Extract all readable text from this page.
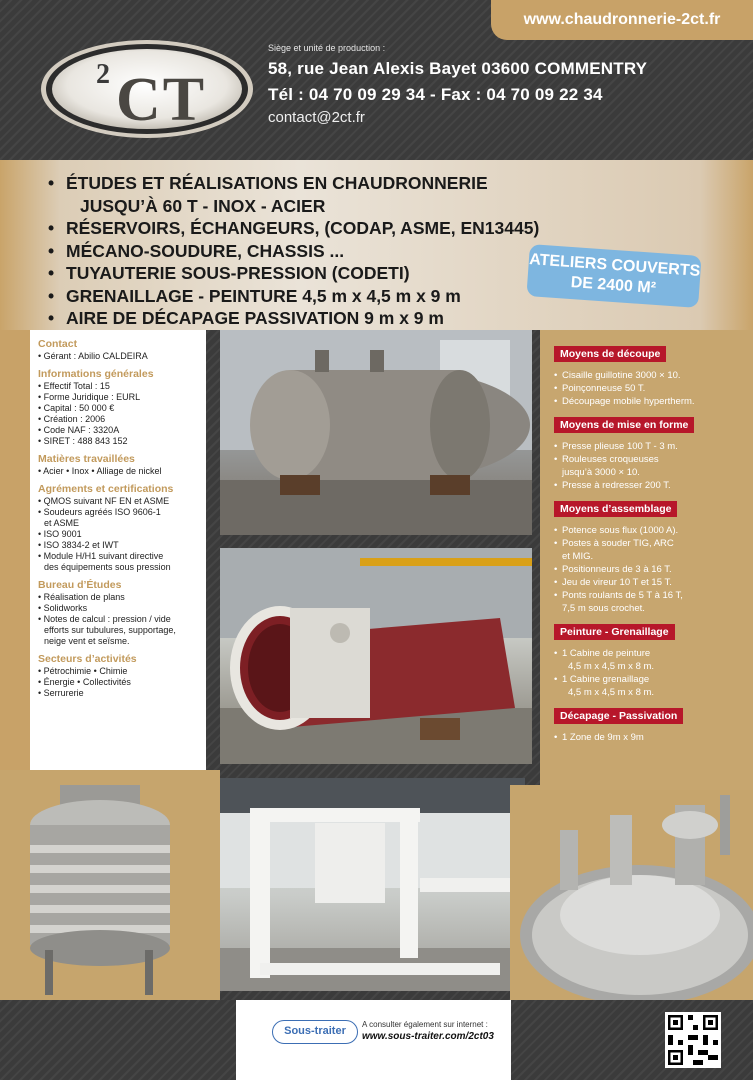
www.chaudronnerie-2ct.fr
2 CT
Siège et unité de production :
58, rue Jean Alexis Bayet 03600 COMMENTRY
Tél : 04 70 09 29 34 - Fax : 04 70 09 22 34
contact@2ct.fr
• ÉTUDES ET RÉALISATIONS EN CHAUDRONNERIE
JUSQU’À 60 T - INOX - ACIER
• RÉSERVOIRS, ÉCHANGEURS, (CODAP, ASME, EN13445)
• MÉCANO-SOUDURE, CHASSIS ...
• TUYAUTERIE SOUS-PRESSION (CODETI)
• GRENAILLAGE - PEINTURE 4,5 m x 4,5 m x 9 m
• AIRE DE DÉCAPAGE PASSIVATION 9 m x 9 m
ATELIERS COUVERTS
DE 2400 M²
Contact
• Gérant : Abilio CALDEIRA
Informations générales
• Effectif Total : 15
• Forme Juridique : EURL
• Capital : 50 000 €
• Création : 2006
• Code NAF : 3320A
• SIRET : 488 843 152
Matières travaillées
• Acier • Inox • Alliage de nickel
Agréments et certifications
• QMOS suivant NF EN et ASME
• Soudeurs agréés ISO 9606-1
et ASME
• ISO 9001
• ISO 3834-2 et IWT
• Module H/H1 suivant directive
des équipements sous pression
Bureau d’Études
• Réalisation de plans
• Solidworks
• Notes de calcul : pression / vide
efforts sur tubulures, supportage,
neige vent et seïsme.
Secteurs d’activités
• Pétrochimie • Chimie
• Énergie • Collectivités
• Serrurerie
Moyens de découpe
• Cisaille guillotine 3000 × 10.
• Poinçonneuse 50 T.
• Découpage mobile hypertherm.
Moyens de mise en forme
• Presse plieuse 100 T - 3 m.
• Rouleuses croqueuses
jusqu’à 3000 × 10.
• Presse à redresser 200 T.
Moyens d’assemblage
• Potence sous flux (1000 A).
• Postes à souder TIG, ARC
et MIG.
• Positionneurs de 3 à 16 T.
• Jeu de vireur 10 T et 15 T.
• Ponts roulants de 5 T à 16 T,
7,5 m sous crochet.
Peinture - Grenaillage
• 1 Cabine de peinture
4,5 m x 4,5 m x 8 m.
• 1 Cabine grenaillage
4,5 m x 4,5 m x 8 m.
Décapage - Passivation
• 1 Zone de 9m x 9m
Sous-traiter
A consulter également sur internet :
www.sous-traiter.com/2ct03
